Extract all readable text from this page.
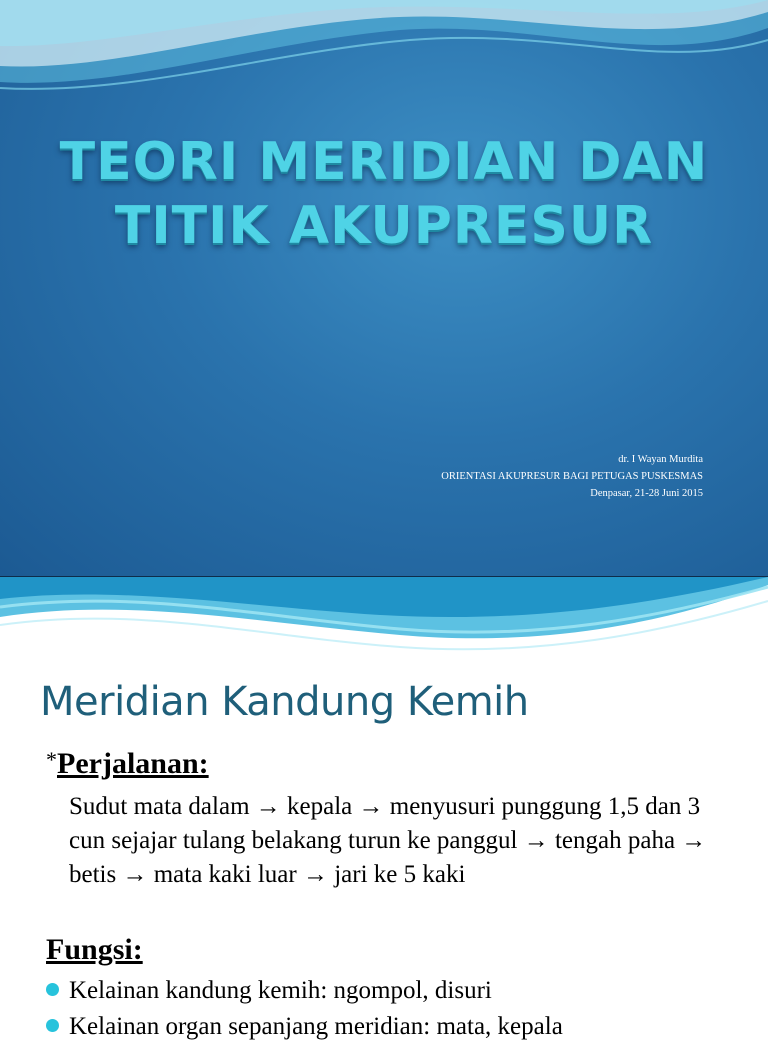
TEORI MERIDIAN DAN
TITIK AKUPRESUR
dr. I Wayan Murdita
ORIENTASI AKUPRESUR BAGI PETUGAS PUSKESMAS
Denpasar, 21-28 Juni 2015
Meridian Kandung Kemih
*Perjalanan:

Sudut mata dalam → kepala → menyusuri punggung 1,5 dan 3 cun sejajar tulang belakang turun ke panggul → tengah paha → betis → mata kaki luar → jari ke 5 kaki

Fungsi:
Kelainan kandung kemih: ngompol, disuri
Kelainan organ sepanjang meridian: mata, kepala
